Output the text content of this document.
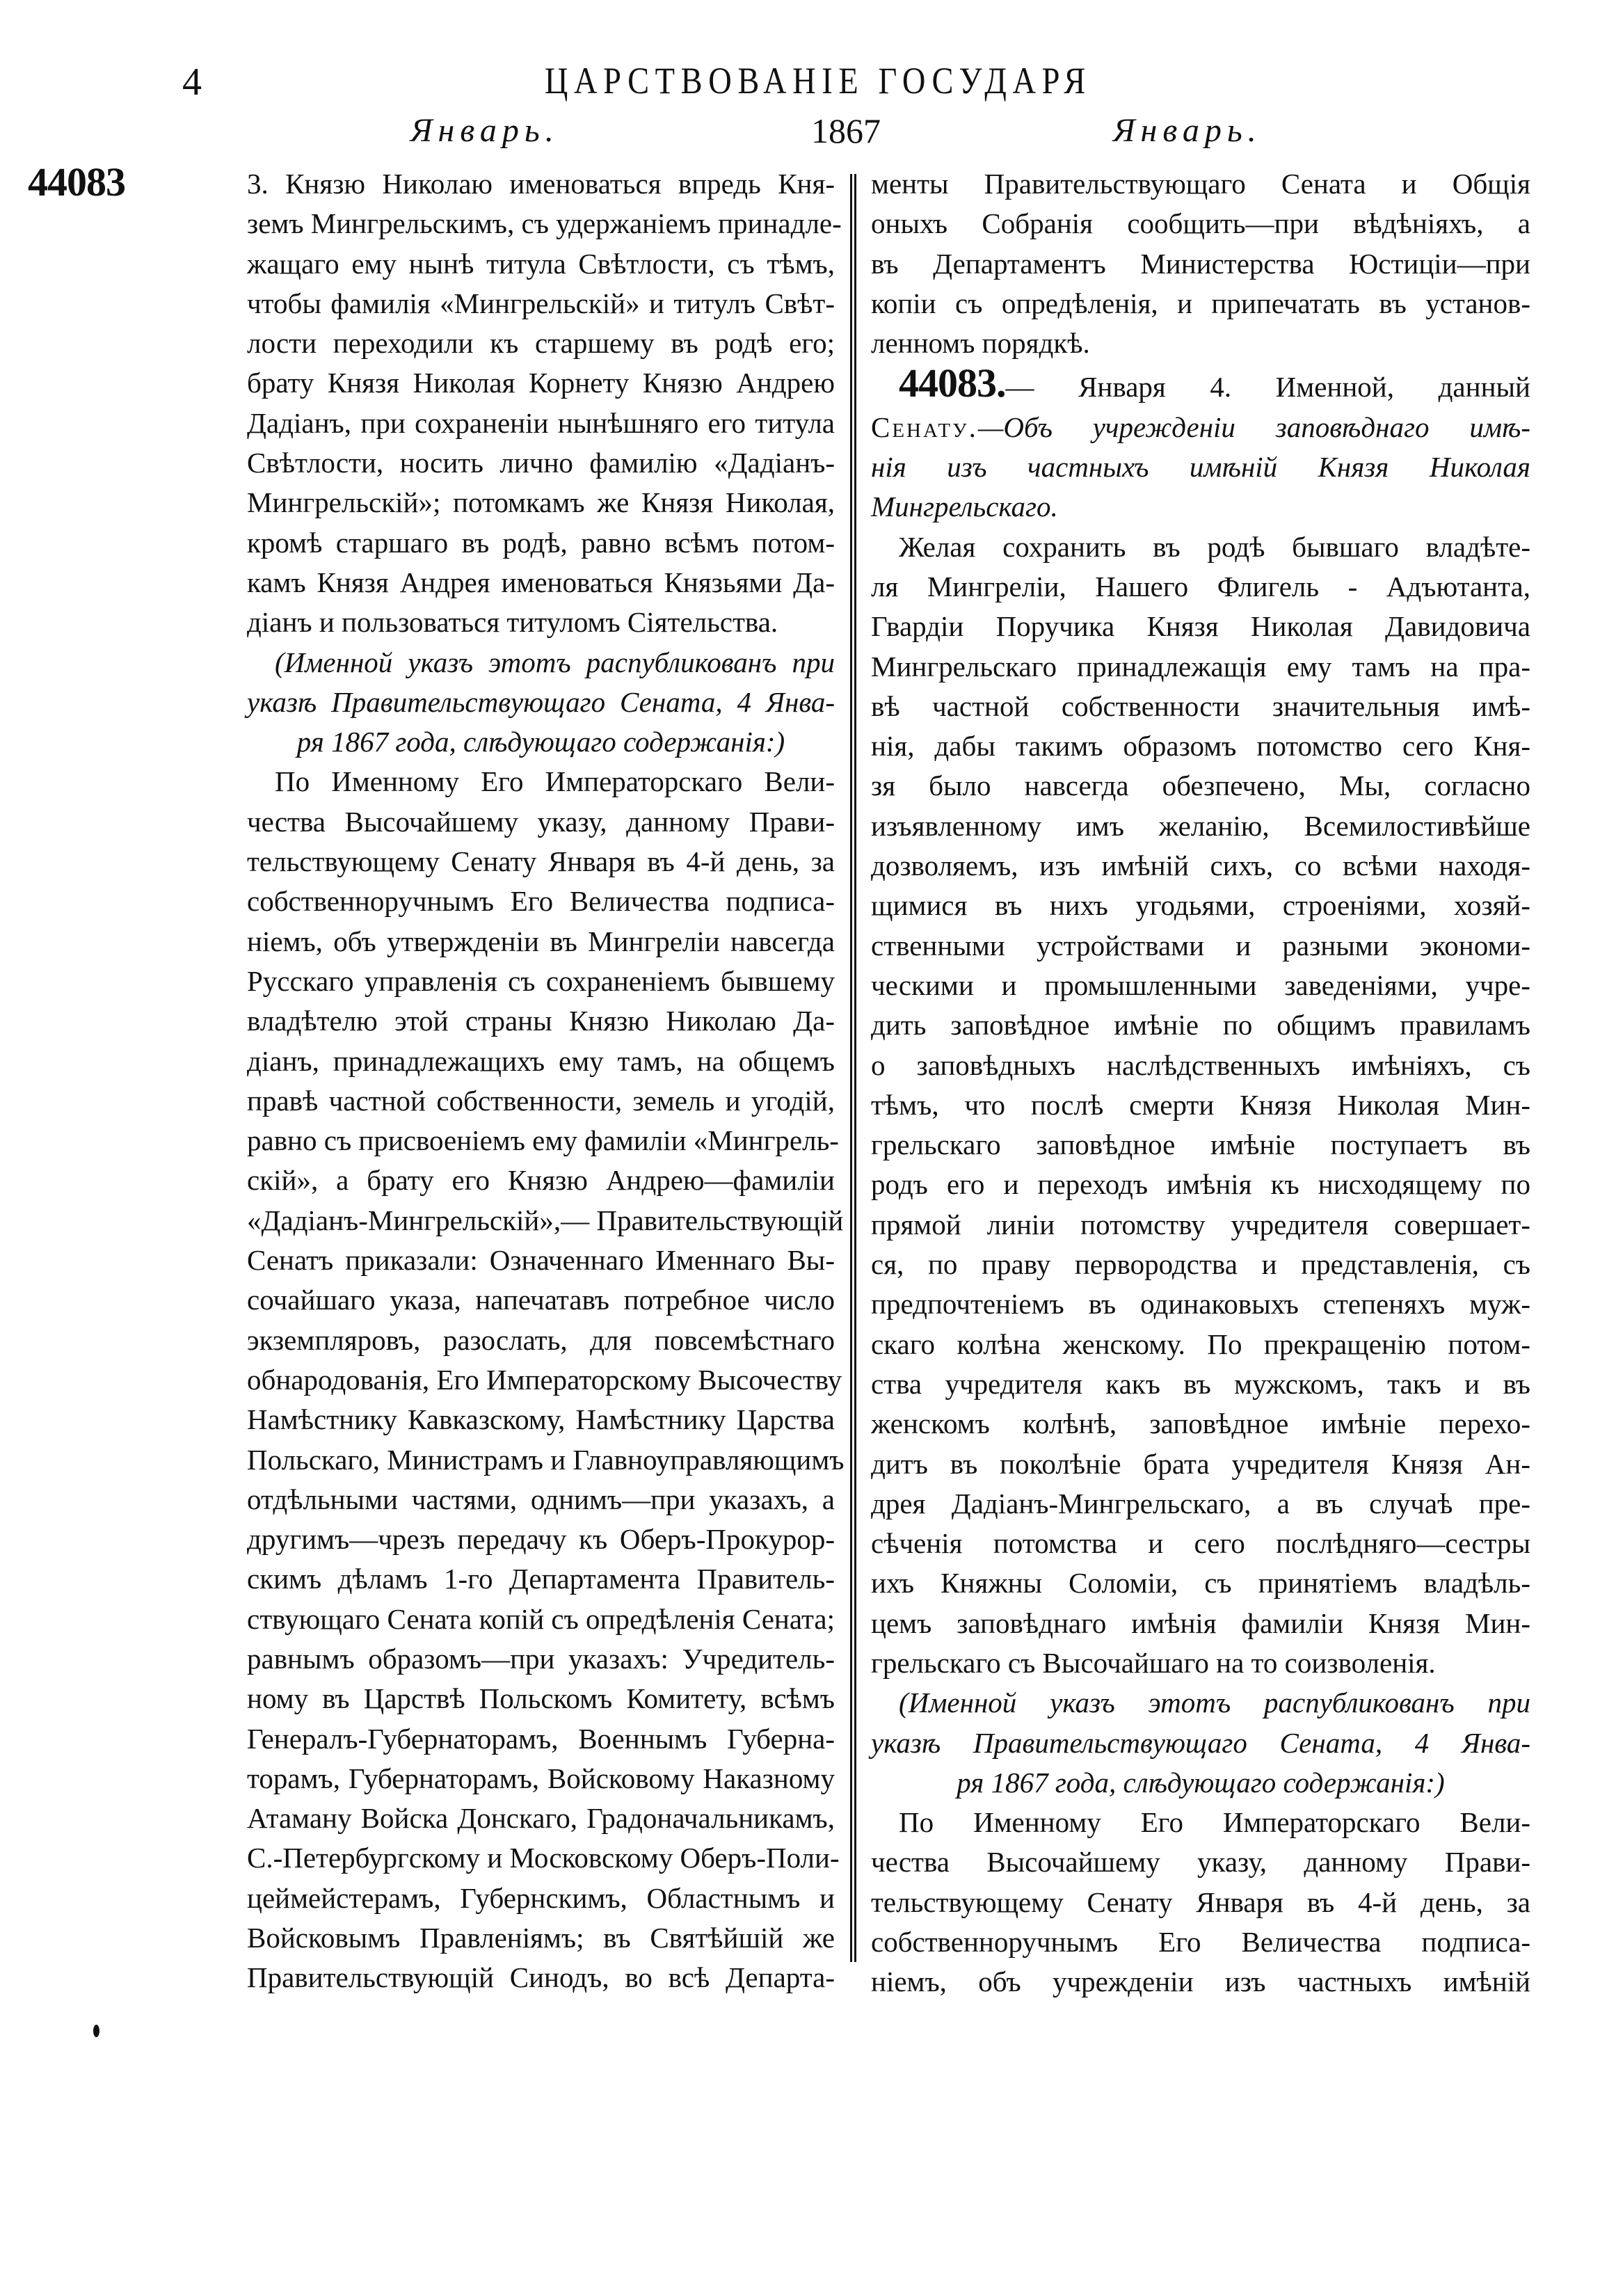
4	ЦАРСТВОВАНІЕ ГОСУДАРЯ
Январь.	1867	Январь.
44083	3. Князю Николаю именоваться впредь Кня-
земъ Мингрельскимъ, съ удержаніемъ принадле-
жащаго ему нынѣ титула Свѣтлости, съ тѣмъ,
чтобы фамилія «Мингрельскій» и титулъ Свѣт-
лости переходили къ старшему въ родѣ его;
брату Князя Николая Корнету Князю Андрею
Дадіанъ, при сохраненіи нынѣшняго его титула
Свѣтлости, носить лично фамилію «Дадіанъ-
Мингрельскій»; потомкамъ же Князя Николая,
кромѣ старшаго въ родѣ, равно всѣмъ потом-
камъ Князя Андрея именоваться Князьями Да-
діанъ и пользоваться титуломъ Сіятельства.
(Именной указъ этотъ распубликованъ при
указѣ Правительствующаго Сената, 4 Янва-
ря 1867 года, слѣдующаго содержанія:)
По Именному Его Императорскаго Вели-
чества Высочайшему указу, данному Прави-
тельствующему Сенату Января въ 4-й день, за
собственноручнымъ Его Величества подписа-
ніемъ, объ утвержденіи въ Мингреліи навсегда
Русскаго управленія съ сохраненіемъ бывшему
владѣтелю этой страны Князю Николаю Да-
діанъ, принадлежащихъ ему тамъ, на общемъ
правѣ частной собственности, земель и угодій,
равно съ присвоеніемъ ему фамиліи «Мингрель-
скій», а брату его Князю Андрею—фамиліи
«Дадіанъ-Мингрельскій»,— Правительствующій
Сенатъ приказали: Означеннаго Именнаго Вы-
сочайшаго указа, напечатавъ потребное число
экземпляровъ, разослать, для повсемѣстнаго
обнародованія, Его Императорскому Высочеству
Намѣстнику Кавказскому, Намѣстнику Царства
Польскаго, Министрамъ и Главноуправляющимъ
отдѣльными частями, однимъ—при указахъ, а
другимъ—чрезъ передачу къ Оберъ-Прокурор-
скимъ дѣламъ 1-го Департамента Правитель-
ствующаго Сената копій съ опредѣленія Сената;
равнымъ образомъ—при указахъ: Учредитель-
ному въ Царствѣ Польскомъ Комитету, всѣмъ
Генералъ-Губернаторамъ, Военнымъ Губерна-
торамъ, Губернаторамъ, Войсковому Наказному
Атаману Войска Донскаго, Градоначальникамъ,
С.-Петербургскому и Московскому Оберъ-Поли-
цеймейстерамъ, Губернскимъ, Областнымъ и
Войсковымъ Правленіямъ; въ Святѣйшій же
Правительствующій Синодъ, во всѣ Департа-
менты Правительствующаго Сената и Общія
оныхъ Собранія сообщить—при вѣдѣніяхъ, а
въ Департаментъ Министерства Юстиціи—при
копіи съ опредѣленія, и припечатать въ установ-
ленномъ порядкѣ.
44083.— Января 4. Именной, данный
Сенату.—Объ учрежденіи заповѣднаго имѣ-
нія изъ частныхъ имѣній Князя Николая
Мингрельскаго.
Желая сохранить въ родѣ бывшаго владѣте-
ля Мингреліи, Нашего Флигель - Адъютанта,
Гвардіи Поручика Князя Николая Давидовича
Мингрельскаго принадлежащія ему тамъ на пра-
вѣ частной собственности значительныя имѣ-
нія, дабы такимъ образомъ потомство сего Кня-
зя было навсегда обезпечено, Мы, согласно
изъявленному имъ желанію, Всемилостивѣйше
дозволяемъ, изъ имѣній сихъ, со всѣми находя-
щимися въ нихъ угодьями, строеніями, хозяй-
ственными устройствами и разными экономи-
ческими и промышленными заведеніями, учре-
дить заповѣдное имѣніе по общимъ правиламъ
о заповѣдныхъ наслѣдственныхъ имѣніяхъ, съ
тѣмъ, что послѣ смерти Князя Николая Мин-
грельскаго заповѣдное имѣніе поступаетъ въ
родъ его и переходъ имѣнія къ нисходящему по
прямой линіи потомству учредителя совершает-
ся, по праву первородства и представленія, съ
предпочтеніемъ въ одинаковыхъ степеняхъ муж-
скаго колѣна женскому. По прекращенію потом-
ства учредителя какъ въ мужскомъ, такъ и въ
женскомъ колѣнѣ, заповѣдное имѣніе перехо-
дитъ въ поколѣніе брата учредителя Князя Ан-
дрея Дадіанъ-Мингрельскаго, а въ случаѣ пре-
сѣченія потомства и сего послѣдняго—сестры
ихъ Княжны Соломіи, съ принятіемъ владѣль-
цемъ заповѣднаго имѣнія фамиліи Князя Мин-
грельскаго съ Высочайшаго на то соизволенія.
(Именной указъ этотъ распубликованъ при
указѣ Правительствующаго Сената, 4 Янва-
ря 1867 года, слѣдующаго содержанія:)
По Именному Его Императорскаго Вели-
чества Высочайшему указу, данному Прави-
тельствующему Сенату Января въ 4-й день, за
собственноручнымъ Его Величества подписа-
ніемъ, объ учрежденіи изъ частныхъ имѣній
